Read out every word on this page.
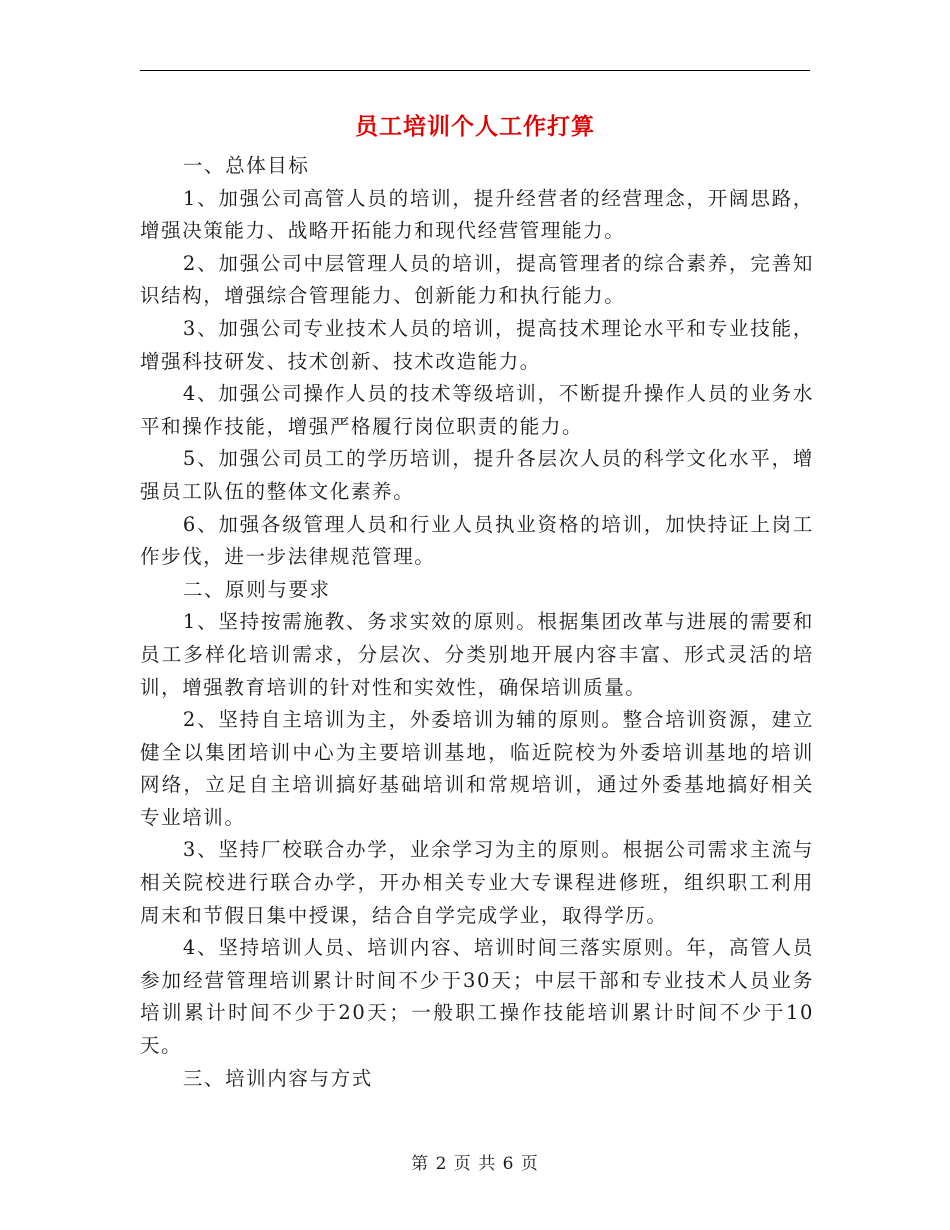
员工培训个人工作打算

一、总体目标

1、加强公司高管人员的培训，提升经营者的经营理念，开阔思路，增强决策能力、战略开拓能力和现代经营管理能力。

2、加强公司中层管理人员的培训，提高管理者的综合素养，完善知识结构，增强综合管理能力、创新能力和执行能力。

3、加强公司专业技术人员的培训，提高技术理论水平和专业技能，增强科技研发、技术创新、技术改造能力。

4、加强公司操作人员的技术等级培训，不断提升操作人员的业务水平和操作技能，增强严格履行岗位职责的能力。

5、加强公司员工的学历培训，提升各层次人员的科学文化水平，增强员工队伍的整体文化素养。

6、加强各级管理人员和行业人员执业资格的培训，加快持证上岗工作步伐，进一步法律规范管理。

二、原则与要求

1、坚持按需施教、务求实效的原则。根据集团改革与进展的需要和员工多样化培训需求，分层次、分类别地开展内容丰富、形式灵活的培训，增强教育培训的针对性和实效性，确保培训质量。

2、坚持自主培训为主，外委培训为辅的原则。整合培训资源，建立健全以集团培训中心为主要培训基地，临近院校为外委培训基地的培训网络，立足自主培训搞好基础培训和常规培训，通过外委基地搞好相关专业培训。

3、坚持厂校联合办学，业余学习为主的原则。根据公司需求主流与相关院校进行联合办学，开办相关专业大专课程进修班，组织职工利用周末和节假日集中授课，结合自学完成学业，取得学历。

4、坚持培训人员、培训内容、培训时间三落实原则。年，高管人员参加经营管理培训累计时间不少于30天；中层干部和专业技术人员业务培训累计时间不少于20天；一般职工操作技能培训累计时间不少于10天。

三、培训内容与方式

第 2 页 共 6 页
